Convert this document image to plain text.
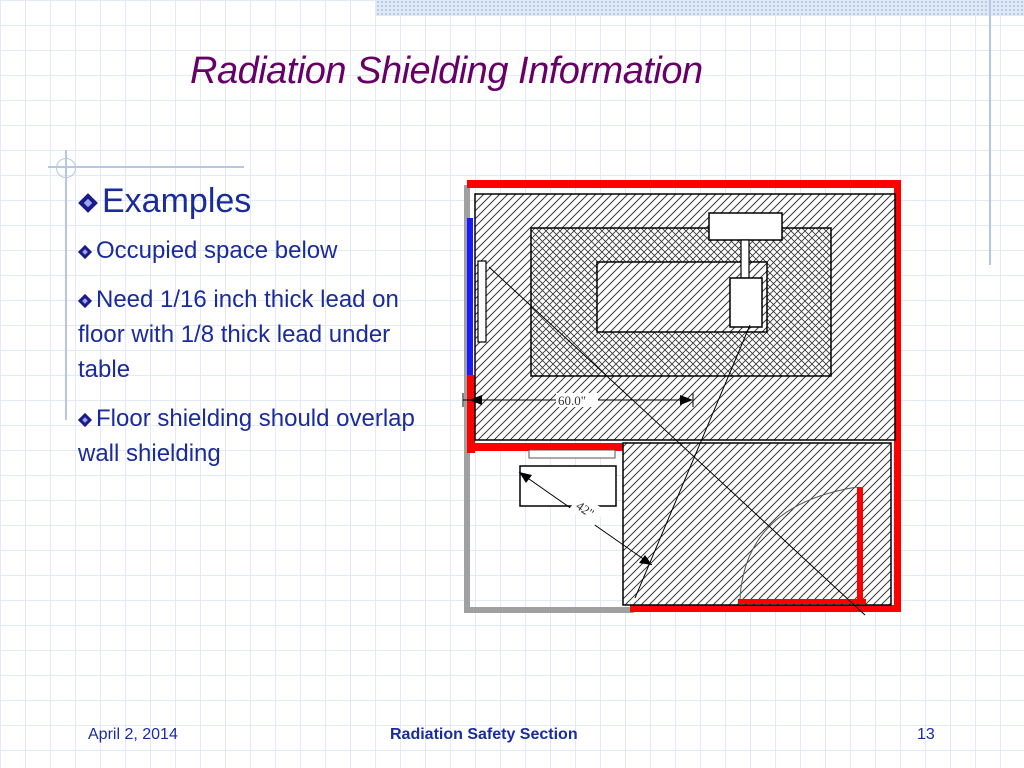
Radiation Shielding Information
Examples
Occupied space below
Need 1/16 inch thick lead on floor with 1/8 thick lead under table
Floor shielding should overlap wall shielding
60.0"
42"
April 2, 2014	Radiation Safety Section	13
